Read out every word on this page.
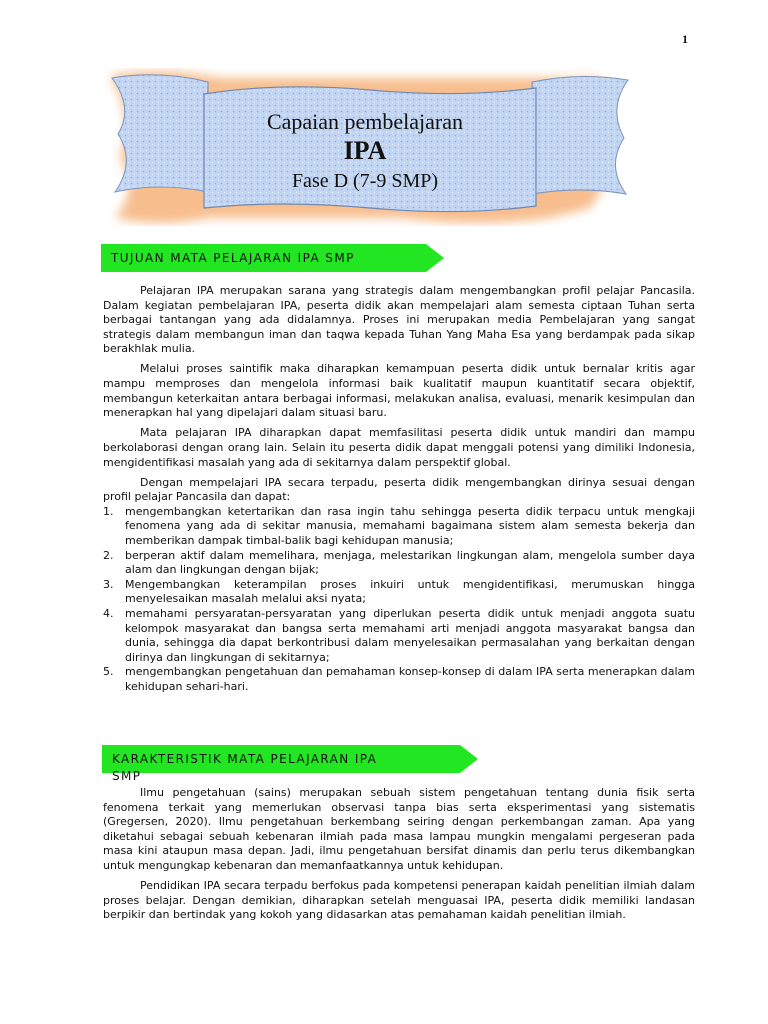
1
Capaian pembelajaran
IPA
Fase D (7-9 SMP)
TUJUAN MATA PELAJARAN IPA SMP

Pelajaran IPA merupakan sarana yang strategis dalam mengembangkan profil pelajar Pancasila. Dalam kegiatan pembelajaran IPA, peserta didik akan mempelajari alam semesta ciptaan Tuhan serta berbagai tantangan yang ada didalamnya. Proses ini merupakan media Pembelajaran yang sangat strategis dalam membangun iman dan taqwa kepada Tuhan Yang Maha Esa yang berdampak pada sikap berakhlak mulia.

Melalui proses saintifik maka diharapkan kemampuan peserta didik untuk bernalar kritis agar mampu memproses dan mengelola informasi baik kualitatif maupun kuantitatif secara objektif, membangun keterkaitan antara berbagai informasi, melakukan analisa, evaluasi, menarik kesimpulan dan menerapkan hal yang dipelajari dalam situasi baru.

Mata pelajaran IPA diharapkan dapat memfasilitasi peserta didik untuk mandiri dan mampu berkolaborasi dengan orang lain. Selain itu peserta didik dapat menggali potensi yang dimiliki Indonesia, mengidentifikasi masalah yang ada di sekitarnya dalam perspektif global.

Dengan mempelajari IPA secara terpadu, peserta didik mengembangkan dirinya sesuai dengan profil pelajar Pancasila dan dapat:

1. mengembangkan ketertarikan dan rasa ingin tahu sehingga peserta didik terpacu untuk mengkaji fenomena yang ada di sekitar manusia, memahami bagaimana sistem alam semesta bekerja dan memberikan dampak timbal-balik bagi kehidupan manusia;
2. berperan aktif dalam memelihara, menjaga, melestarikan lingkungan alam, mengelola sumber daya alam dan lingkungan dengan bijak;
3. Mengembangkan keterampilan proses inkuiri untuk mengidentifikasi, merumuskan hingga menyelesaikan masalah melalui aksi nyata;
4. memahami persyaratan-persyaratan yang diperlukan peserta didik untuk menjadi anggota suatu kelompok masyarakat dan bangsa serta memahami arti menjadi anggota masyarakat bangsa dan dunia, sehingga dia dapat berkontribusi dalam menyelesaikan permasalahan yang berkaitan dengan dirinya dan lingkungan di sekitarnya;
5. mengembangkan pengetahuan dan pemahaman konsep-konsep di dalam IPA serta menerapkan dalam kehidupan sehari-hari.
KARAKTERISTIK MATA PELAJARAN IPA
SMP

Ilmu pengetahuan (sains) merupakan sebuah sistem pengetahuan tentang dunia fisik serta fenomena terkait yang memerlukan observasi tanpa bias serta eksperimentasi yang sistematis (Gregersen, 2020). Ilmu pengetahuan berkembang seiring dengan perkembangan zaman. Apa yang diketahui sebagai sebuah kebenaran ilmiah pada masa lampau mungkin mengalami pergeseran pada masa kini ataupun masa depan. Jadi, ilmu pengetahuan bersifat dinamis dan perlu terus dikembangkan untuk mengungkap kebenaran dan memanfaatkannya untuk kehidupan.

Pendidikan IPA secara terpadu berfokus pada kompetensi penerapan kaidah penelitian ilmiah dalam proses belajar. Dengan demikian, diharapkan setelah menguasai IPA, peserta didik memiliki landasan berpikir dan bertindak yang kokoh yang didasarkan atas pemahaman kaidah penelitian ilmiah.
